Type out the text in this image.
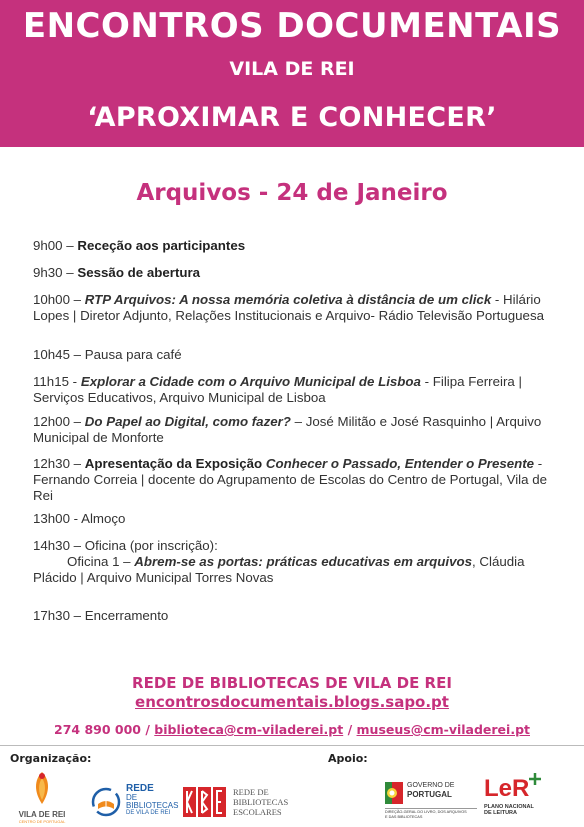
ENCONTROS DOCUMENTAIS
VILA DE REI
‘APROXIMAR E CONHECER’
Arquivos - 24 de Janeiro
9h00 – Receção aos participantes
9h30 – Sessão de abertura
10h00 – RTP Arquivos: A nossa memória coletiva à distância de um click - Hilário Lopes | Diretor Adjunto, Relações Institucionais e Arquivo- Rádio Televisão Portuguesa
10h45 – Pausa para café
11h15 - Explorar a Cidade com o Arquivo Municipal de Lisboa - Filipa Ferreira | Serviços Educativos, Arquivo Municipal de Lisboa
12h00 – Do Papel ao Digital, como fazer? – José Militão e José Rasquinho | Arquivo Municipal de Monforte
12h30 – Apresentação da Exposição Conhecer o Passado, Entender o Presente - Fernando Correia | docente do Agrupamento de Escolas do Centro de Portugal, Vila de Rei
13h00 - Almoço
14h30 – Oficina (por inscrição):
Oficina 1 – Abrem-se as portas: práticas educativas em arquivos, Cláudia Plácido | Arquivo Municipal Torres Novas
17h30 – Encerramento
REDE DE BIBLIOTECAS DE VILA DE REI
encontrosdocumentais.blogs.sapo.pt
274 890 000 / biblioteca@cm-viladerei.pt / museus@cm-viladerei.pt
Organização:	Apoio:
VILA DE REI
CENTRO DE PORTUGAL
REDE
DE
BIBLIOTECAS
DE VILA DE REI
REDE DE
BIBLIOTECAS
ESCOLARES
GOVERNO DE
PORTUGAL
DIREÇÃO-GERAL DO LIVRO, DOS ARQUIVOS
E DAS BIBLIOTECAS
LeR
PLANO NACIONAL
DE LEITURA
